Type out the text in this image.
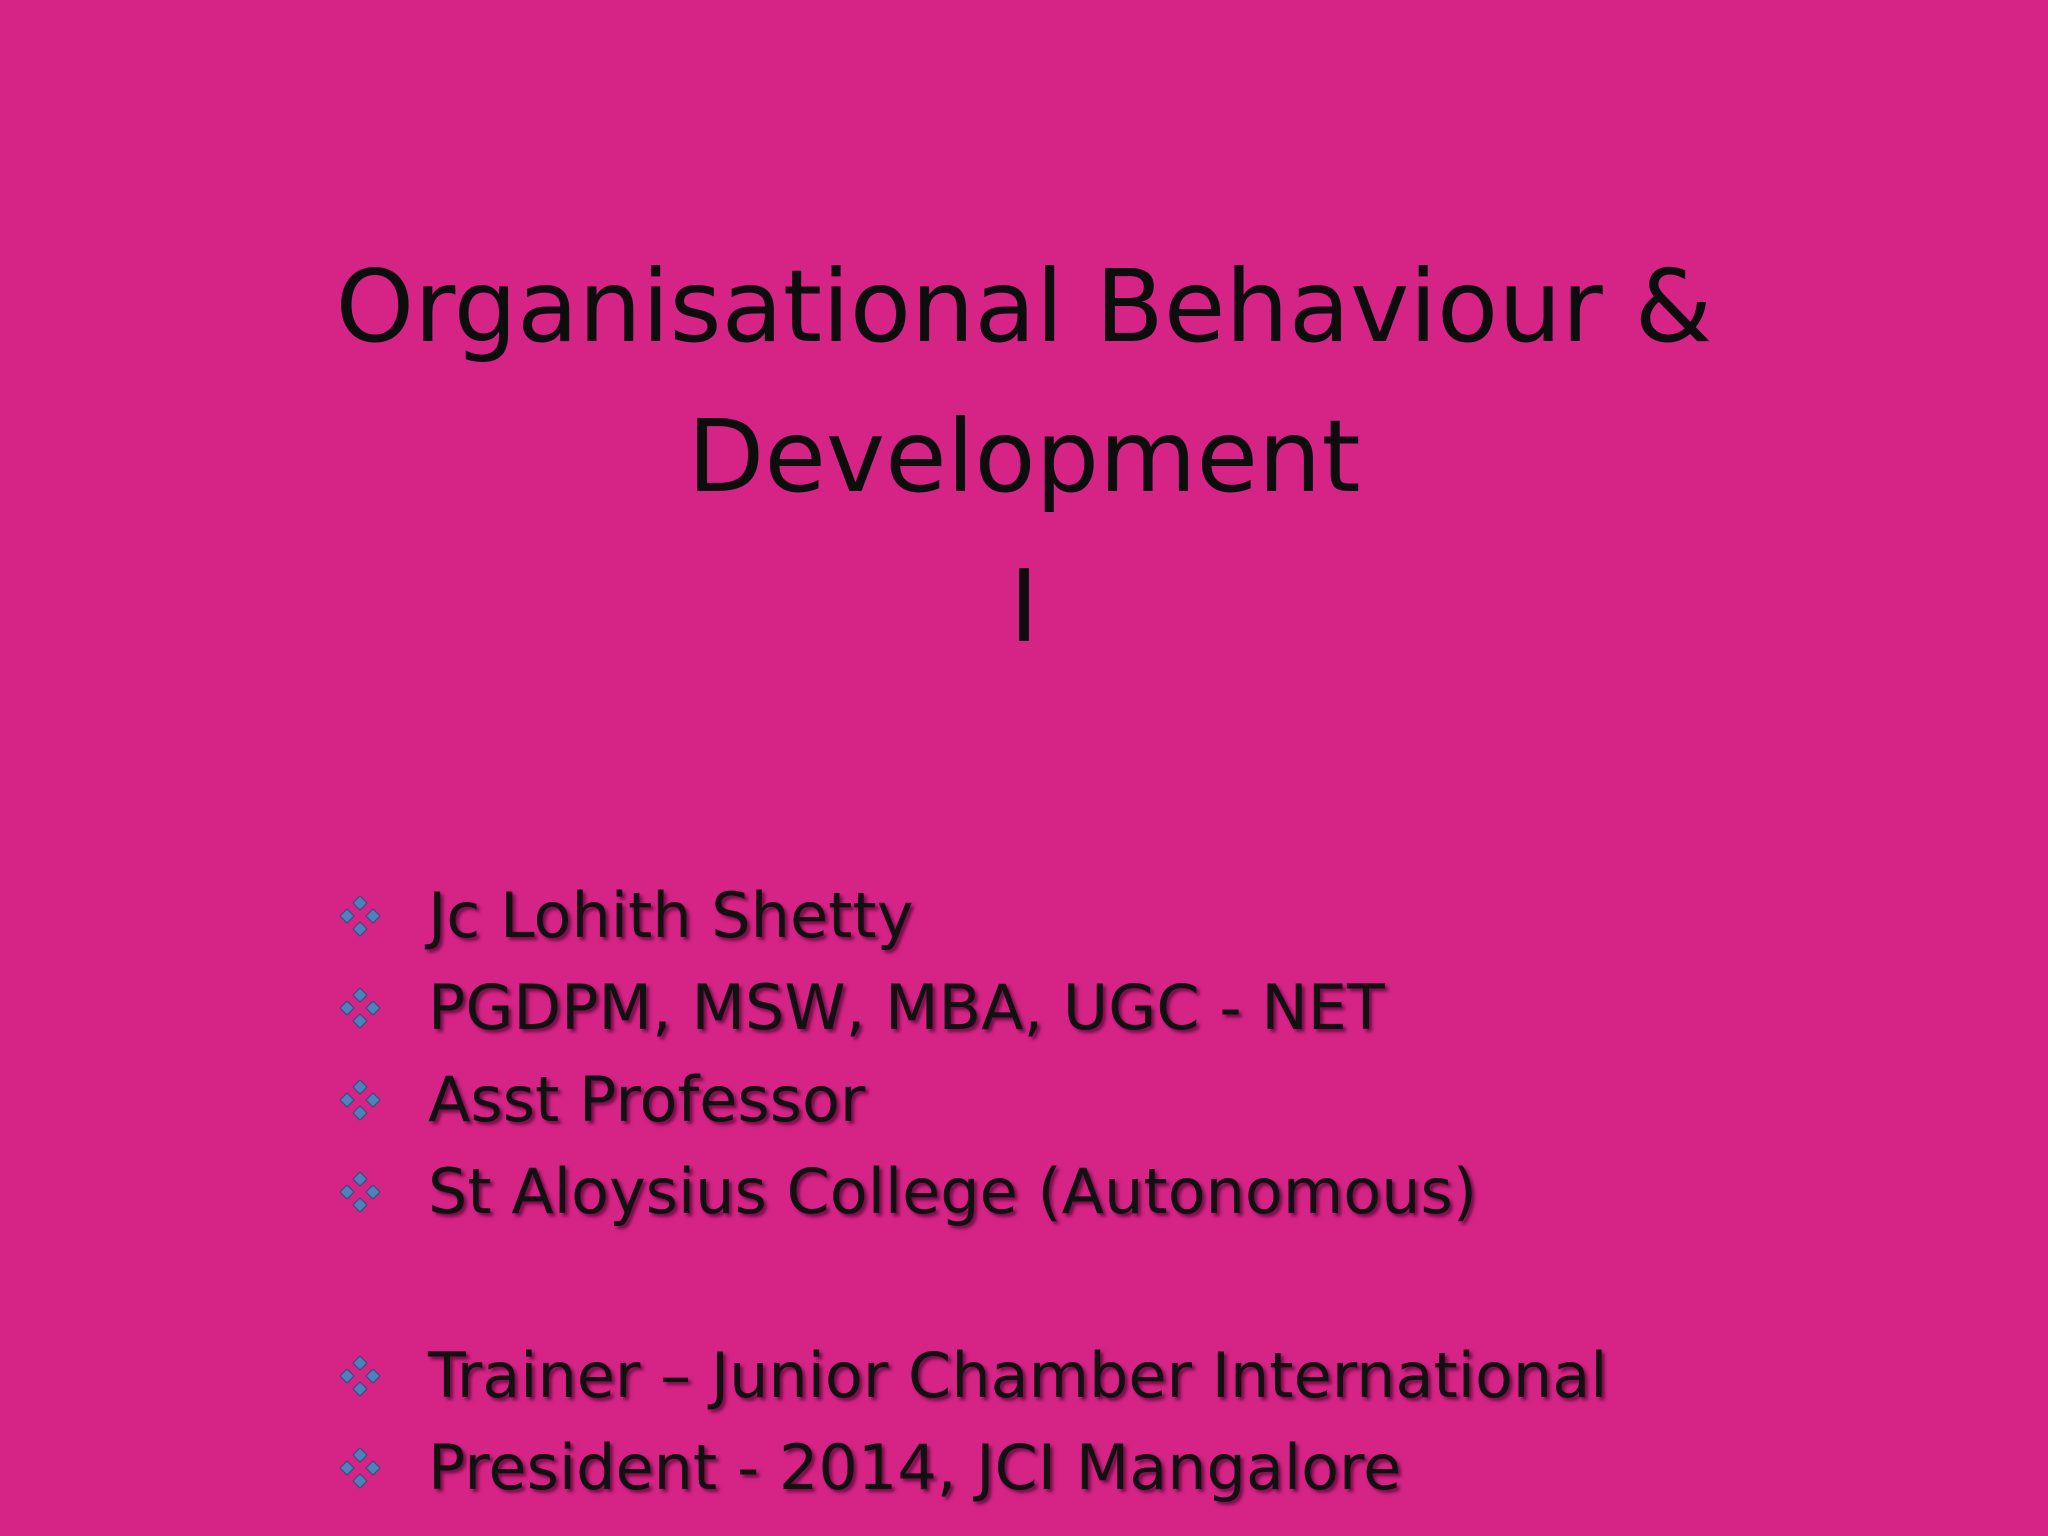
Organisational Behaviour &
Development
I
Jc Lohith Shetty
PGDPM, MSW, MBA, UGC - NET
Asst Professor
St Aloysius College (Autonomous)
Trainer – Junior Chamber International
President - 2014, JCI Mangalore
